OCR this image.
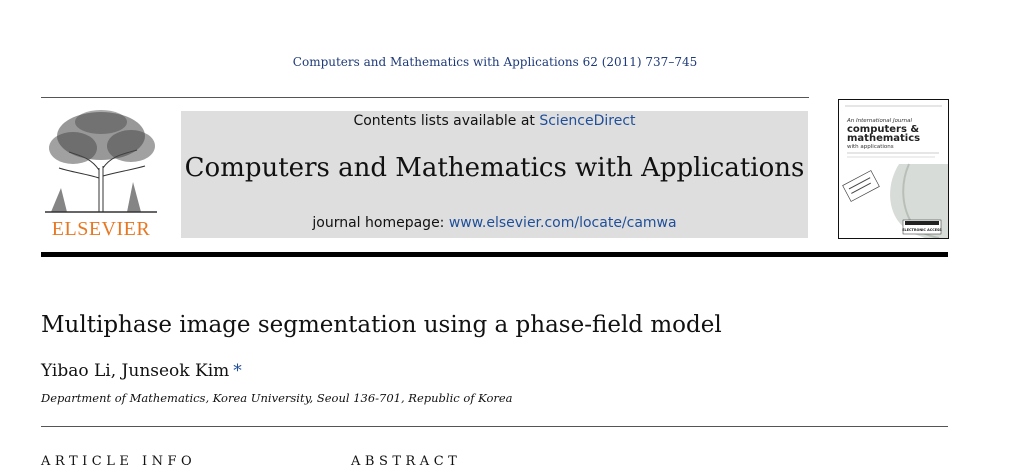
Computers and Mathematics with Applications 62 (2011) 737–745
ELSEVIER
Contents lists available at ScienceDirect
Computers and Mathematics with Applications
journal homepage: www.elsevier.com/locate/camwa
An International Journal
computers &
mathematics
with applications
ELECTRONIC ACCESS
Multiphase image segmentation using a phase-field model
Yibao Li, Junseok Kim *
Department of Mathematics, Korea University, Seoul 136-701, Republic of Korea
ARTICLE INFO	ABSTRACT
